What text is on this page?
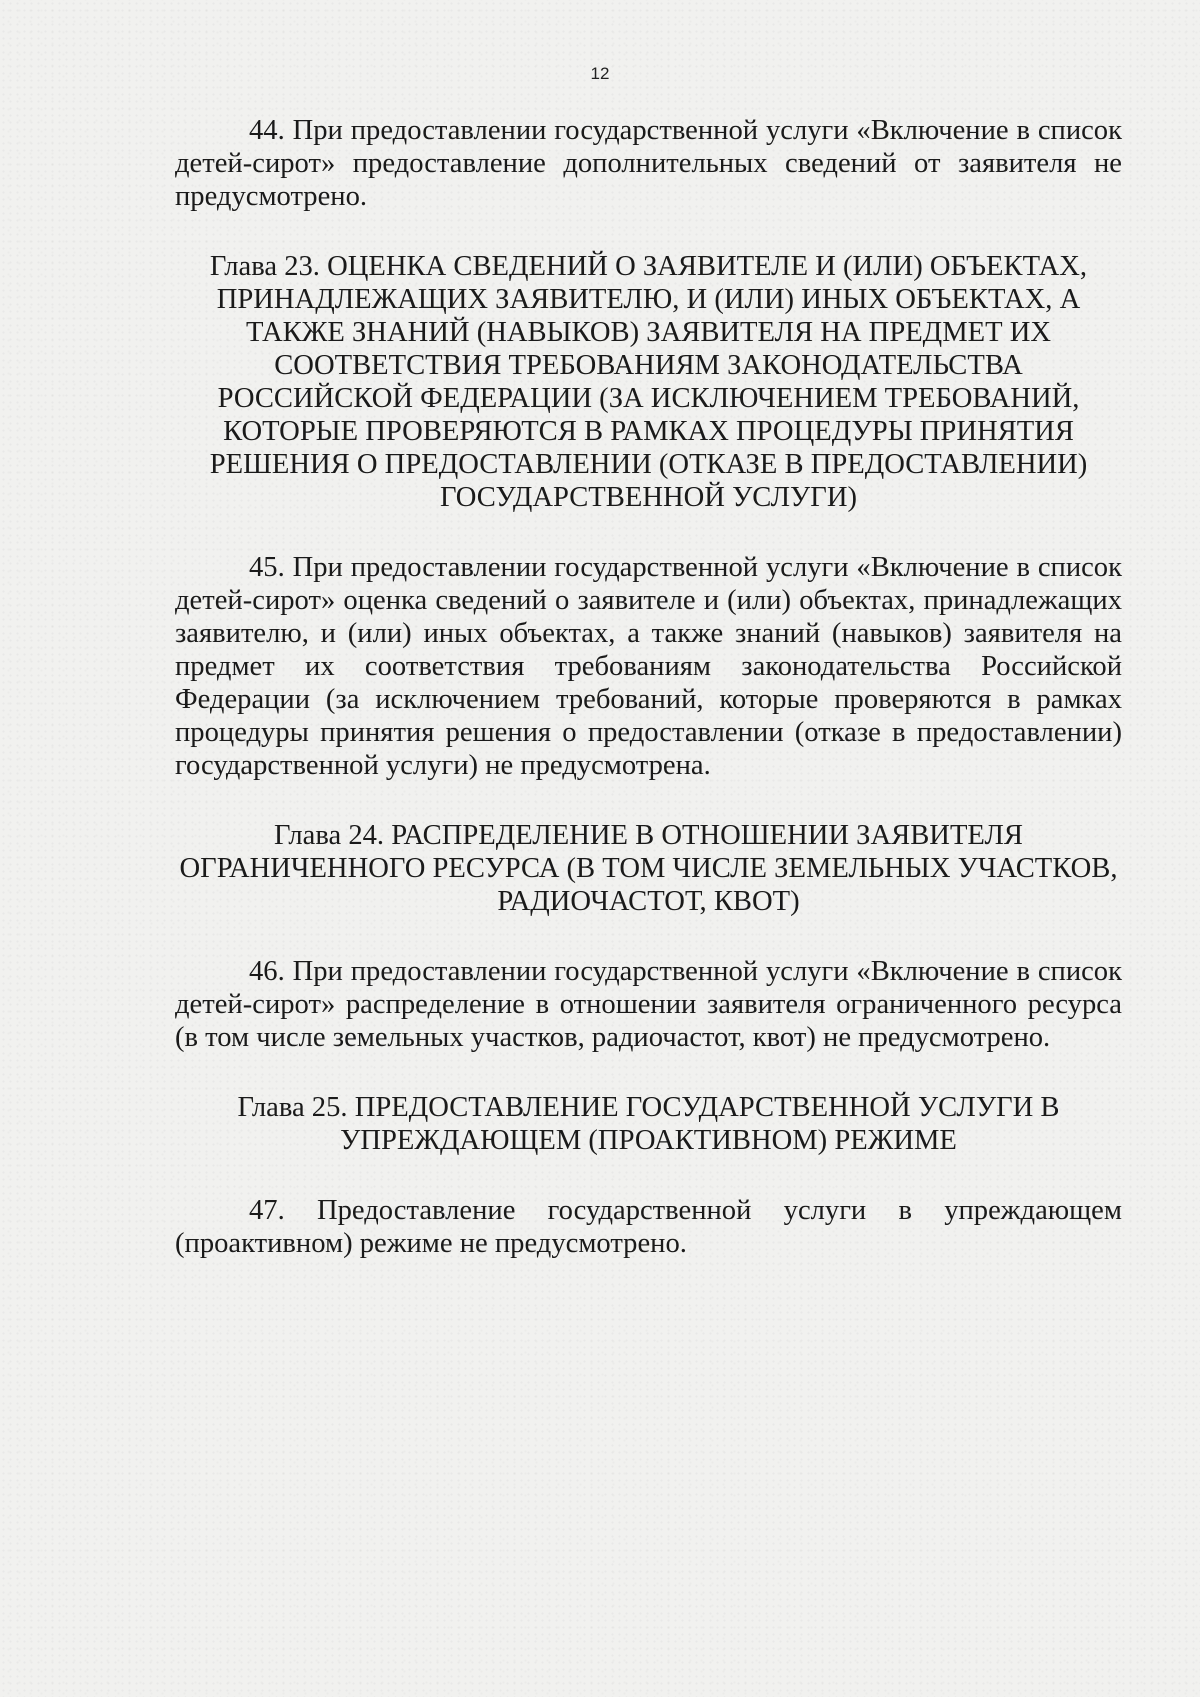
12

44. При предоставлении государственной услуги «Включение в список детей-сирот» предоставление дополнительных сведений от заявителя не предусмотрено.

Глава 23. ОЦЕНКА СВЕДЕНИЙ О ЗАЯВИТЕЛЕ И (ИЛИ) ОБЪЕКТАХ,
ПРИНАДЛЕЖАЩИХ ЗАЯВИТЕЛЮ, И (ИЛИ) ИНЫХ ОБЪЕКТАХ, А
ТАКЖЕ ЗНАНИЙ (НАВЫКОВ) ЗАЯВИТЕЛЯ НА ПРЕДМЕТ ИХ
СООТВЕТСТВИЯ ТРЕБОВАНИЯМ ЗАКОНОДАТЕЛЬСТВА
РОССИЙСКОЙ ФЕДЕРАЦИИ (ЗА ИСКЛЮЧЕНИЕМ ТРЕБОВАНИЙ,
КОТОРЫЕ ПРОВЕРЯЮТСЯ В РАМКАХ ПРОЦЕДУРЫ ПРИНЯТИЯ
РЕШЕНИЯ О ПРЕДОСТАВЛЕНИИ (ОТКАЗЕ В ПРЕДОСТАВЛЕНИИ)
ГОСУДАРСТВЕННОЙ УСЛУГИ)

45. При предоставлении государственной услуги «Включение в список детей-сирот» оценка сведений о заявителе и (или) объектах, принадлежащих заявителю, и (или) иных объектах, а также знаний (навыков) заявителя на предмет их соответствия требованиям законодательства Российской Федерации (за исключением требований, которые проверяются в рамках процедуры принятия решения о предоставлении (отказе в предоставлении) государственной услуги) не предусмотрена.

Глава 24. РАСПРЕДЕЛЕНИЕ В ОТНОШЕНИИ ЗАЯВИТЕЛЯ
ОГРАНИЧЕННОГО РЕСУРСА (В ТОМ ЧИСЛЕ ЗЕМЕЛЬНЫХ УЧАСТКОВ,
РАДИОЧАСТОТ, КВОТ)

46. При предоставлении государственной услуги «Включение в список детей-сирот» распределение в отношении заявителя ограниченного ресурса (в том числе земельных участков, радиочастот, квот) не предусмотрено.

Глава 25. ПРЕДОСТАВЛЕНИЕ ГОСУДАРСТВЕННОЙ УСЛУГИ В
УПРЕЖДАЮЩЕМ (ПРОАКТИВНОМ) РЕЖИМЕ
47. Предоставление государственной услуги в упреждающем
(проактивном) режиме не предусмотрено.
